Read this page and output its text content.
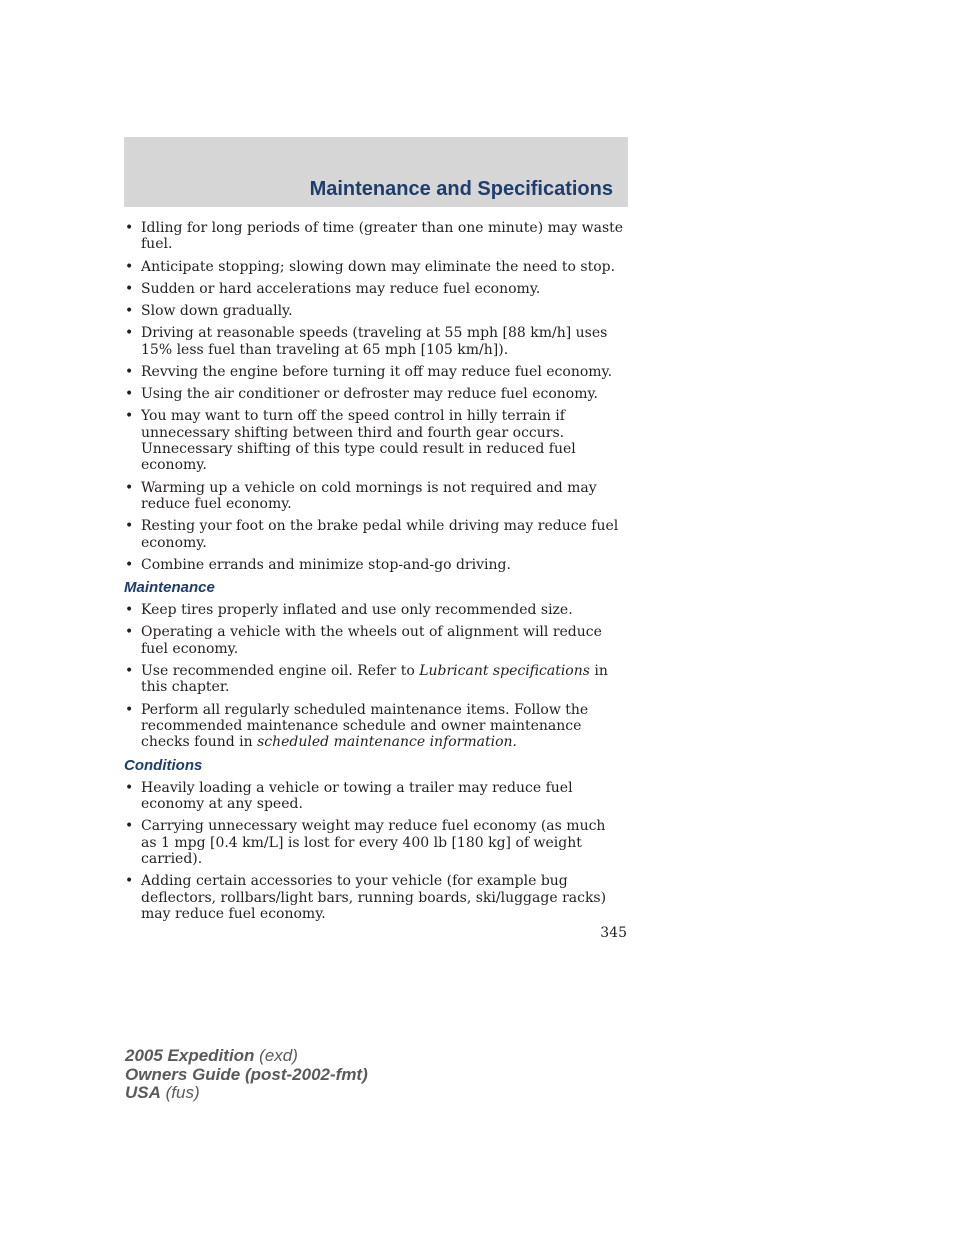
Maintenance and Specifications
• Idling for long periods of time (greater than one minute) may waste fuel.
• Anticipate stopping; slowing down may eliminate the need to stop.
• Sudden or hard accelerations may reduce fuel economy.
• Slow down gradually.
• Driving at reasonable speeds (traveling at 55 mph [88 km/h] uses 15% less fuel than traveling at 65 mph [105 km/h]).
• Revving the engine before turning it off may reduce fuel economy.
• Using the air conditioner or defroster may reduce fuel economy.
• You may want to turn off the speed control in hilly terrain if unnecessary shifting between third and fourth gear occurs. Unnecessary shifting of this type could result in reduced fuel economy.
• Warming up a vehicle on cold mornings is not required and may reduce fuel economy.
• Resting your foot on the brake pedal while driving may reduce fuel economy.
• Combine errands and minimize stop-and-go driving.
Maintenance
• Keep tires properly inflated and use only recommended size.
• Operating a vehicle with the wheels out of alignment will reduce fuel economy.
• Use recommended engine oil. Refer to Lubricant specifications in this chapter.
• Perform all regularly scheduled maintenance items. Follow the recommended maintenance schedule and owner maintenance checks found in scheduled maintenance information.
Conditions
• Heavily loading a vehicle or towing a trailer may reduce fuel economy at any speed.
• Carrying unnecessary weight may reduce fuel economy (as much as 1 mpg [0.4 km/L] is lost for every 400 lb [180 kg] of weight carried).
• Adding certain accessories to your vehicle (for example bug deflectors, rollbars/light bars, running boards, ski/luggage racks) may reduce fuel economy.

345

2005 Expedition (exd)
Owners Guide (post-2002-fmt)
USA (fus)
